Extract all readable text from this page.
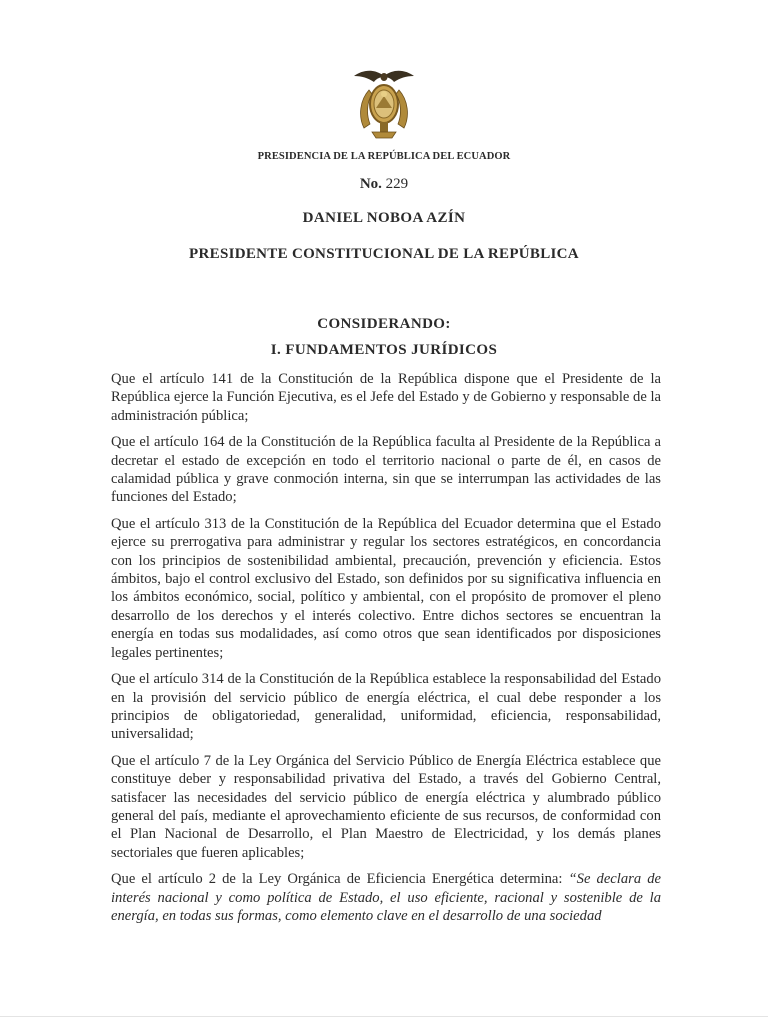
PRESIDENCIA DE LA REPÚBLICA DEL ECUADOR
No. 229
DANIEL NOBOA AZÍN
PRESIDENTE CONSTITUCIONAL DE LA REPÚBLICA
CONSIDERANDO:
I. FUNDAMENTOS JURÍDICOS

Que el artículo 141 de la Constitución de la República dispone que el Presidente de la República ejerce la Función Ejecutiva, es el Jefe del Estado y de Gobierno y responsable de la administración pública;

Que el artículo 164 de la Constitución de la República faculta al Presidente de la República a decretar el estado de excepción en todo el territorio nacional o parte de él, en casos de calamidad pública y grave conmoción interna, sin que se interrumpan las actividades de las funciones del Estado;

Que el artículo 313 de la Constitución de la República del Ecuador determina que el Estado ejerce su prerrogativa para administrar y regular los sectores estratégicos, en concordancia con los principios de sostenibilidad ambiental, precaución, prevención y eficiencia. Estos ámbitos, bajo el control exclusivo del Estado, son definidos por su significativa influencia en los ámbitos económico, social, político y ambiental, con el propósito de promover el pleno desarrollo de los derechos y el interés colectivo. Entre dichos sectores se encuentran la energía en todas sus modalidades, así como otros que sean identificados por disposiciones legales pertinentes;

Que el artículo 314 de la Constitución de la República establece la responsabilidad del Estado en la provisión del servicio público de energía eléctrica, el cual debe responder a los principios de obligatoriedad, generalidad, uniformidad, eficiencia, responsabilidad, universalidad;

Que el artículo 7 de la Ley Orgánica del Servicio Público de Energía Eléctrica establece que constituye deber y responsabilidad privativa del Estado, a través del Gobierno Central, satisfacer las necesidades del servicio público de energía eléctrica y alumbrado público general del país, mediante el aprovechamiento eficiente de sus recursos, de conformidad con el Plan Nacional de Desarrollo, el Plan Maestro de Electricidad, y los demás planes sectoriales que fueren aplicables;

Que el artículo 2 de la Ley Orgánica de Eficiencia Energética determina: “Se declara de interés nacional y como política de Estado, el uso eficiente, racional y sostenible de la energía, en todas sus formas, como elemento clave en el desarrollo de una sociedad
